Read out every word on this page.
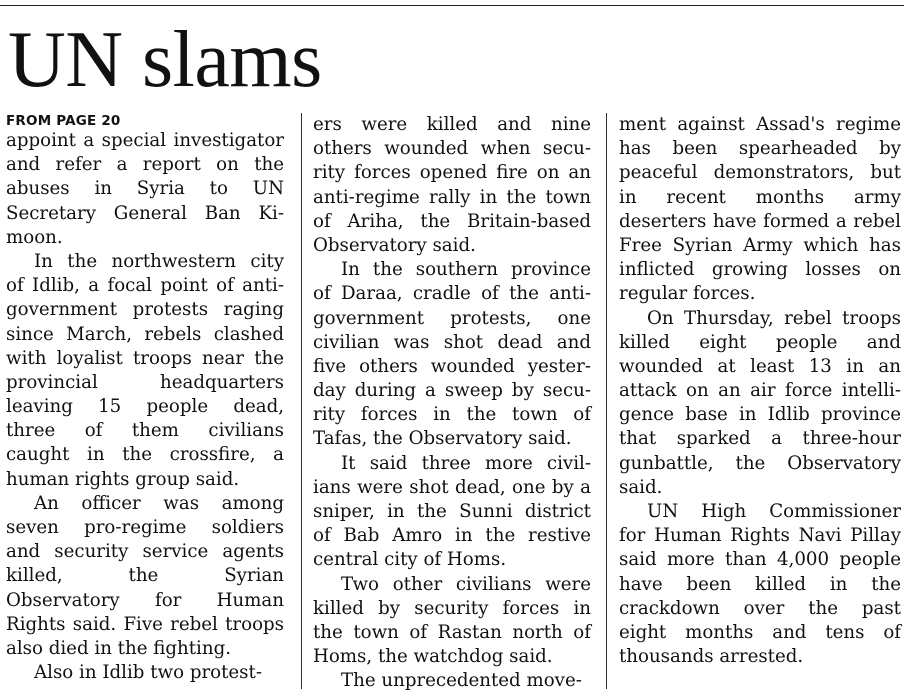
UN slams
FROM PAGE 20
appoint a special investigator
and refer a report on the
abuses in Syria to UN
Secretary General Ban Ki-
moon.
In the northwestern city
of Idlib, a focal point of anti-
government protests raging
since March, rebels clashed
with loyalist troops near the
provincial headquarters
leaving 15 people dead,
three of them civilians
caught in the crossfire, a
human rights group said.
An officer was among
seven pro-regime soldiers
and security service agents
killed, the Syrian
Observatory for Human
Rights said. Five rebel troops
also died in the fighting.
Also in Idlib two protest-
ers were killed and nine
others wounded when secu-
rity forces opened fire on an
anti-regime rally in the town
of Ariha, the Britain-based
Observatory said.
In the southern province
of Daraa, cradle of the anti-
government protests, one
civilian was shot dead and
five others wounded yester-
day during a sweep by secu-
rity forces in the town of
Tafas, the Observatory said.
It said three more civil-
ians were shot dead, one by a
sniper, in the Sunni district
of Bab Amro in the restive
central city of Homs.
Two other civilians were
killed by security forces in
the town of Rastan north of
Homs, the watchdog said.
The unprecedented move-
ment against Assad's regime
has been spearheaded by
peaceful demonstrators, but
in recent months army
deserters have formed a rebel
Free Syrian Army which has
inflicted growing losses on
regular forces.
On Thursday, rebel troops
killed eight people and
wounded at least 13 in an
attack on an air force intelli-
gence base in Idlib province
that sparked a three-hour
gunbattle, the Observatory
said.
UN High Commissioner
for Human Rights Navi Pillay
said more than 4,000 people
have been killed in the
crackdown over the past
eight months and tens of
thousands arrested.
